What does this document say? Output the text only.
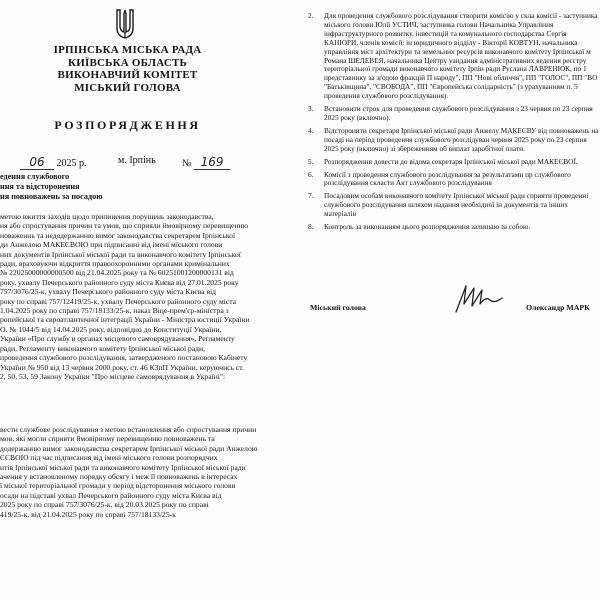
ІРПІНСЬКА МІСЬКА РАДА
КИЇВСЬКА ОБЛАСТЬ
ВИКОНАВЧИЙ КОМІТЕТ
МІСЬКИЙ ГОЛОВА
РОЗПОРЯДЖЕННЯ
06 2025 р.	м. Ірпінь	№ 169
едення службового
ння та відсторонення
ня повноважень за посадою
метою вжиття заходів щодо припинення порушень законодавства,
ня або спростування причин та умов, що сприяли ймовірному перевищенню
новаженнь та недодержанню вимог законодавства секретарем Ірпінської
ди Анжелою МАКЕЄВОЮ при підписанні від імені міського голови
них документів Ірпінської міської ради та виконавчого комітету Ірпінської
ради, враховуючи відкриття правоохоронними органами кримінальних
№ 22025000000000500 від 21.04.2025 року та № 60251001200000131 від
року, ухвалу Печерського районного суду міста Києва від 27.01.2025 року
757/3076/25-к, ухвалу Печерського районного суду міста Києва від
року по справі 757/12419/25-к, ухвалу Печерського районного суду міста
1.04.2025 року по справі 757/18133/25-к, наказ Віце-прем'єр-міністра з
ропейської та євроатлантичної інтеграції України - Міністра юстиції України
О. № 1044/5 від 14.04.2025 року, відповідно до Конституції України,
України «Про службу в органах місцевого самоврядування», Регламенту
ради, Регламенту виконавчого комітету Ірпінської міської ради,
проведення службового розслідування, затвердженого постановою Кабінету
України № 950 від 13 червня 2000 року, ст. 46 КЗпП України, керуючись ст.
2, 50, 53, 59 Закону України "Про місцеве самоврядування в Україні":
вести службове розслідування з метою встановлення або спростування причин
мов, які могли сприяти ймовірному перевищенню повноважень та
додержанню вимог законодавства секретарем Ірпінської міської ради Анжелою
ЄЄВОЮ під час підписання від імені міського голови розпорядчих
нтів Ірпінської міської ради та виконавчого комітету Ірпінської міської ради
ачення у встановленому порядку обсягу і меж її повноважень в інтересах
ї міської територіальної громади у період відсторонення міського голови
осади на підставі ухвал Печерського районного суду міста Києва від
2025 року по справі 757/3076/25-к, від 20.03.2025 року по справі
419/25-к, від 21.04.2025 року по справі 757/18133/25-к
2. Для проведення службового розслідування створити комісію у скла комісії - заступника міського голови Юлії УСТИЧ, заступника голови Начальника Управління інфраструктурного розвитку, інвестицій та комунального господарства Сергія КАНЮРИ, членів комісії: ін юридичного відділу - Вікторії КОВТУН, начальника управління міст архітектури та земельних ресурсів виконавчого комітету Ірпінської м Романа ШЕЛЕВЕЯ, начальника Центру уандання адміністративних ведення реєстру територіальної громади виконавчого комітету Ірпін ради Руслана ЛАВРЕНЮК, по 1 представнику за згодою фракцій П народу", ПП "Нові обличчя", ПП "ГОЛОС", ПП "ВО "Батьківщина", "СВОБОДА", ПП "Європейська солідарність" (з урахуванням п. 5 проведення службового розслідування).
3. Встановити строк для проведення службового розслідування з 23 червня по 23 серпня 2025 року (включно).
4. Відсторонити секретаря Ірпінської міської ради Анжелу МАКЕЄВУ від повноважень на посаді на період проведення службового розслідуван червня 2025 року по 23 серпня 2025 року (включно) зі збереженням об виплат заробітної плати.
5. Розпорядження довести до відома секретаря Ірпінської міської ради МАКЕЄВОЇ.
6. Комісії з проведення службового розслідування за результатами пр службового розслідування скласти Акт службового розслідування
7. Посадовим особам виконавчого комітету Ірпінської міської ради сприяти проведенні службового розслідування шляхом надання необхідної ін документів та інших матеріалів
8. Контроль за виконанням цього розпорядження залишаю за собою.
Міський голова	Олександр МАРК
